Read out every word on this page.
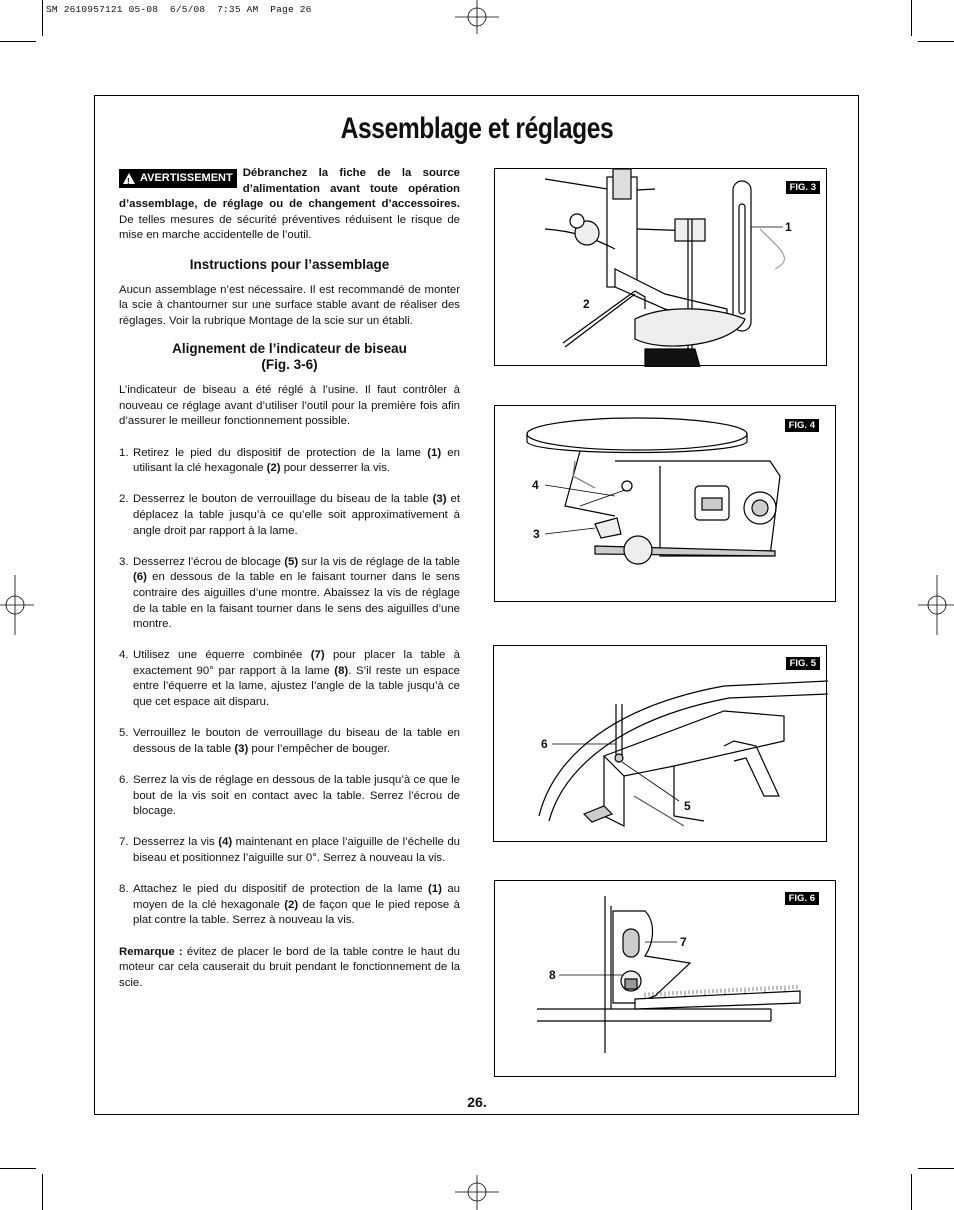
SM 2610957121 05-08  6/5/08  7:35 AM  Page 26
Assemblage et réglages
! AVERTISSEMENT Débranchez la fiche de la source d’alimentation avant toute opération d’assemblage, de réglage ou de changement d’accessoires. De telles mesures de sécurité préventives réduisent le risque de mise en marche accidentelle de l’outil.

Instructions pour l’assemblage

Aucun assemblage n’est nécessaire. Il est recommandé de monter la scie à chantourner sur une surface stable avant de réaliser des réglages. Voir la rubrique Montage de la scie sur un établi.

Alignement de l’indicateur de biseau
(Fig. 3-6)

L’indicateur de biseau a été réglé à l’usine. Il faut contrôler à nouveau ce réglage avant d’utiliser l’outil pour la première fois afin d’assurer le meilleur fonctionnement possible.

1. Retirez le pied du dispositif de protection de la lame (1) en utilisant la clé hexagonale (2) pour desserrer la vis.
2. Desserrez le bouton de verrouillage du biseau de la table (3) et déplacez la table jusqu’à ce qu’elle soit approximativement à angle droit par rapport à la lame.
3. Desserrez l’écrou de blocage (5) sur la vis de réglage de la table (6) en dessous de la table en le faisant tourner dans le sens contraire des aiguilles d’une montre. Abaissez la vis de réglage de la table en la faisant tourner dans le sens des aiguilles d’une montre.
4. Utilisez une équerre combinée (7) pour placer la table à exactement 90° par rapport à la lame (8). S’il reste un espace entre l’équerre et la lame, ajustez l’angle de la table jusqu’à ce que cet espace ait disparu.
5. Verrouillez le bouton de verrouillage du biseau de la table en dessous de la table (3) pour l’empêcher de bouger.
6. Serrez la vis de réglage en dessous de la table jusqu’à ce que le bout de la vis soit en contact avec la table. Serrez l’écrou de blocage.
7. Desserrez la vis (4) maintenant en place l’aiguille de l’échelle du biseau et positionnez l’aiguille sur 0°. Serrez à nouveau la vis.
8. Attachez le pied du dispositif de protection de la lame (1) au moyen de la clé hexagonale (2) de façon que le pied repose à plat contre la table. Serrez à nouveau la vis.

Remarque : évitez de placer le bord de la table contre le haut du moteur car cela causerait du bruit pendant le fonctionnement de la scie.

FIG. 3
1
2
FIG. 4
4
3
FIG. 5
6
5
FIG. 6
7
8
26.
